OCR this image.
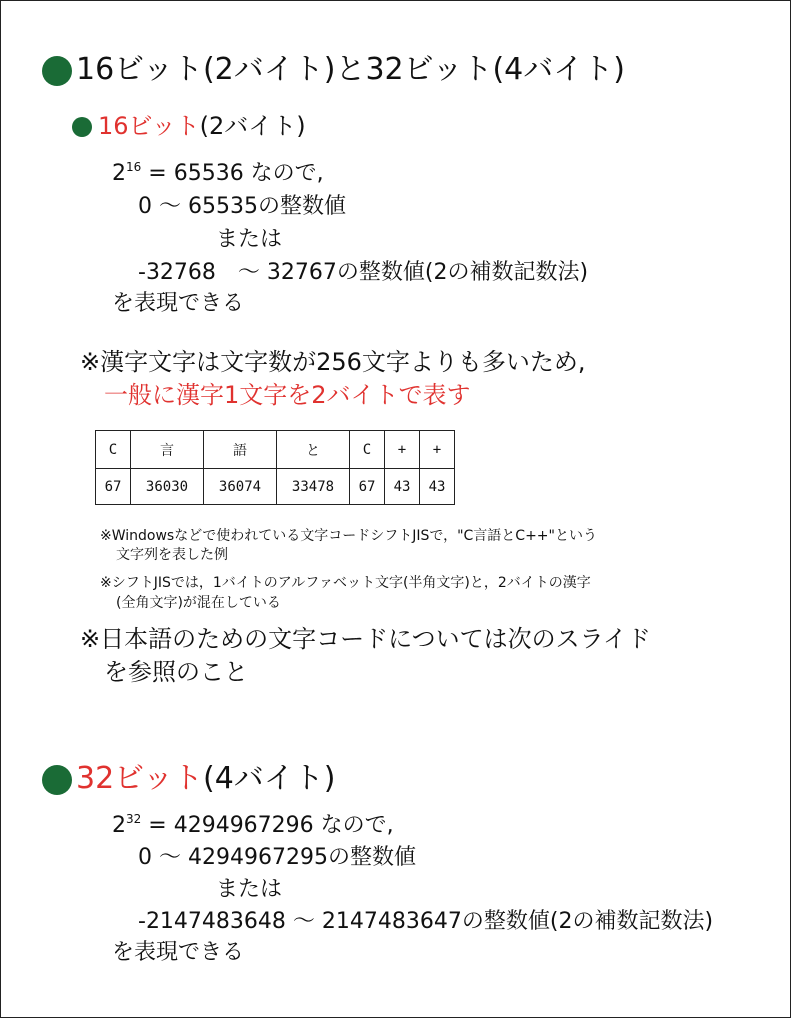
16ビット(2バイト)と32ビット(4バイト)
16ビット(2バイト)
$2^{16} = 65536$ なので,
0 〜 65535の整数値
または
-32768　〜 32767の整数値(2の補数記数法)
を表現できる
※漢字文字は文字数が256文字よりも多いため,
一般に漢字1文字を2バイトで表す
C	言	語	と	C	+	+
67	36030	36074	33478	67	43	43
※Windowsなどで使われている文字コードシフトJISで，"C言語とC++"という
文字列を表した例
※シフトJISでは，1バイトのアルファベット文字(半角文字)と，2バイトの漢字
(全角文字)が混在している
※日本語のための文字コードについては次のスライド
を参照のこと
32ビット(4バイト)
$2^{32} = 4294967296$ なので,
0 〜 4294967295の整数値
または
-2147483648 〜 2147483647の整数値(2の補数記数法)
を表現できる
